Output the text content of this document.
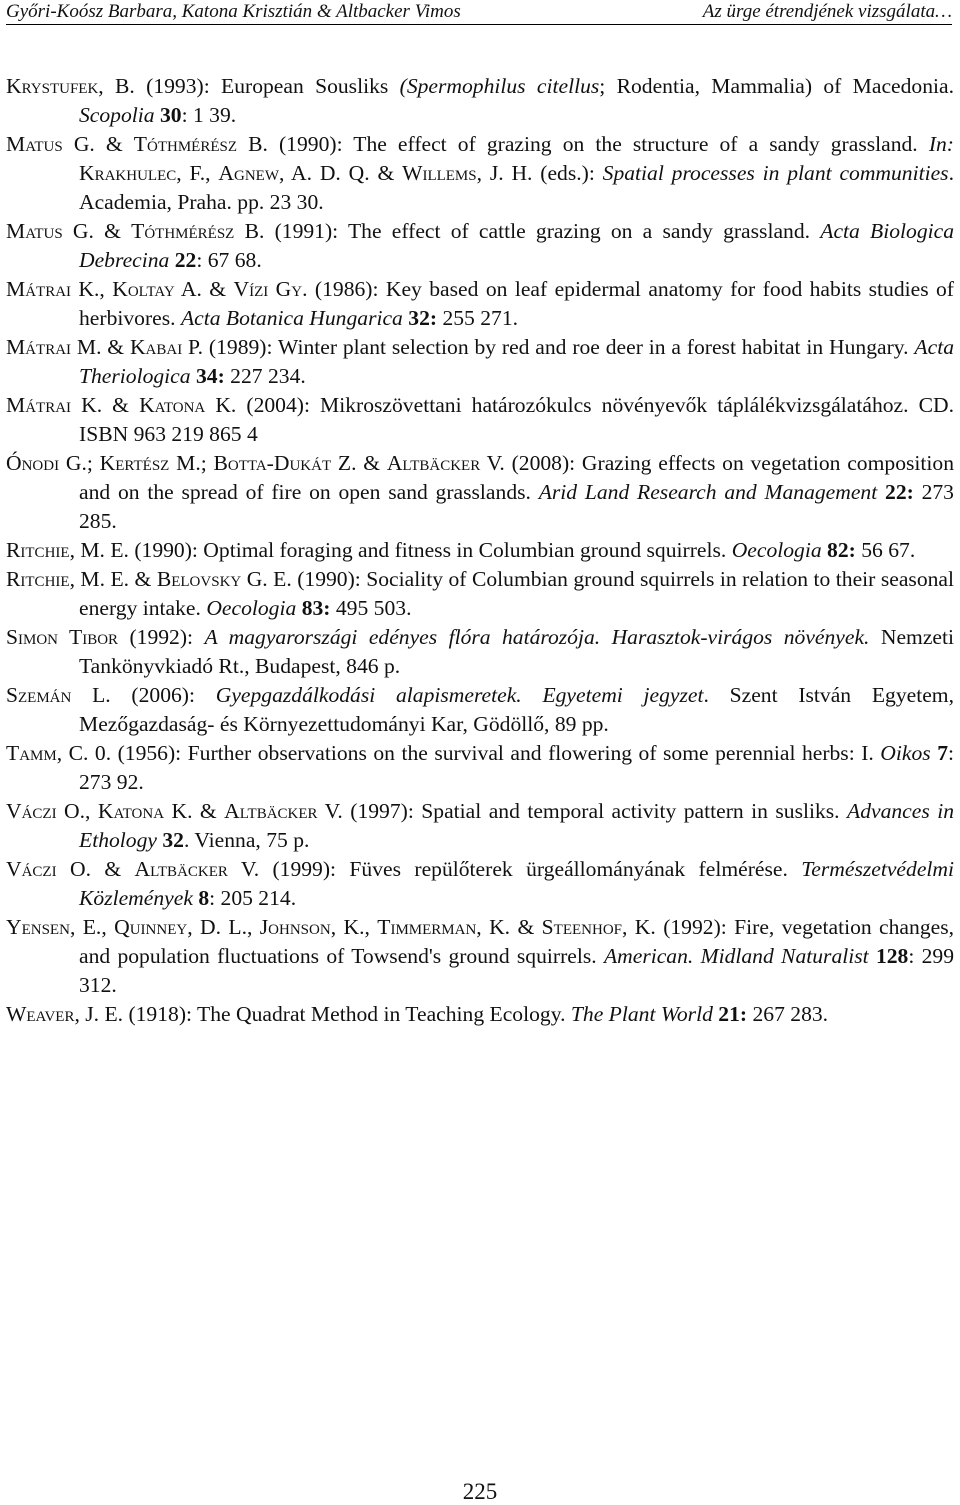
Győri-Koósz Barbara, Katona Krisztián & Altbacker Vimos	Az ürge étrendjének vizsgálata…

Krystufek, B. (1993): European Sousliks (Spermophilus citellus; Rodentia, Mammalia) of Macedonia. Scopolia 30: 1 39.

Matus G. & Tóthmérész B. (1990): The effect of grazing on the structure of a sandy grassland. In: Krakhulec, F., Agnew, A. D. Q. & Willems, J. H. (eds.): Spatial processes in plant communities. Academia, Praha. pp. 23 30.

Matus G. & Tóthmérész B. (1991): The effect of cattle grazing on a sandy grassland. Acta Biologica Debrecina 22: 67 68.

Mátrai K., Koltay A. & Vízi Gy. (1986): Key based on leaf epidermal anatomy for food habits studies of herbivores. Acta Botanica Hungarica 32: 255 271.

Mátrai M. & Kabai P. (1989): Winter plant selection by red and roe deer in a forest habitat in Hungary. Acta Theriologica 34: 227 234.

Mátrai K. & Katona K. (2004): Mikroszövettani határozókulcs növényevők táplálékvizsgálatához. CD. ISBN 963 219 865 4

Ónodi G.; Kertész M.; Botta-Dukát Z. & Altbäcker V. (2008): Grazing effects on vegetation composition and on the spread of fire on open sand grasslands. Arid Land Research and Management 22: 273 285.

Ritchie, M. E. (1990): Optimal foraging and fitness in Columbian ground squirrels. Oecologia 82: 56 67.

Ritchie, M. E. & Belovsky G. E. (1990): Sociality of Columbian ground squirrels in relation to their seasonal energy intake. Oecologia 83: 495 503.

Simon Tibor (1992): A magyarországi edényes flóra határozója. Harasztok-virágos növények. Nemzeti Tankönyvkiadó Rt., Budapest, 846 p.

Szemán L. (2006): Gyepgazdálkodási alapismeretek. Egyetemi jegyzet. Szent István Egyetem, Mezőgazdaság- és Környezettudományi Kar, Gödöllő, 89 pp.

Tamm, C. 0. (1956): Further observations on the survival and flowering of some perennial herbs: I. Oikos 7: 273 92.

Váczi O., Katona K. & Altbäcker V. (1997): Spatial and temporal activity pattern in susliks. Advances in Ethology 32. Vienna, 75 p.

Váczi O. & Altbäcker V. (1999): Füves repülőterek ürgeállományának felmérése. Természetvédelmi Közlemények 8: 205 214.

Yensen, E., Quinney, D. L., Johnson, K., Timmerman, K. & Steenhof, K. (1992): Fire, vegetation changes, and population fluctuations of Towsend's ground squirrels. American. Midland Naturalist 128: 299 312.

Weaver, J. E. (1918): The Quadrat Method in Teaching Ecology. The Plant World 21: 267 283.

225
